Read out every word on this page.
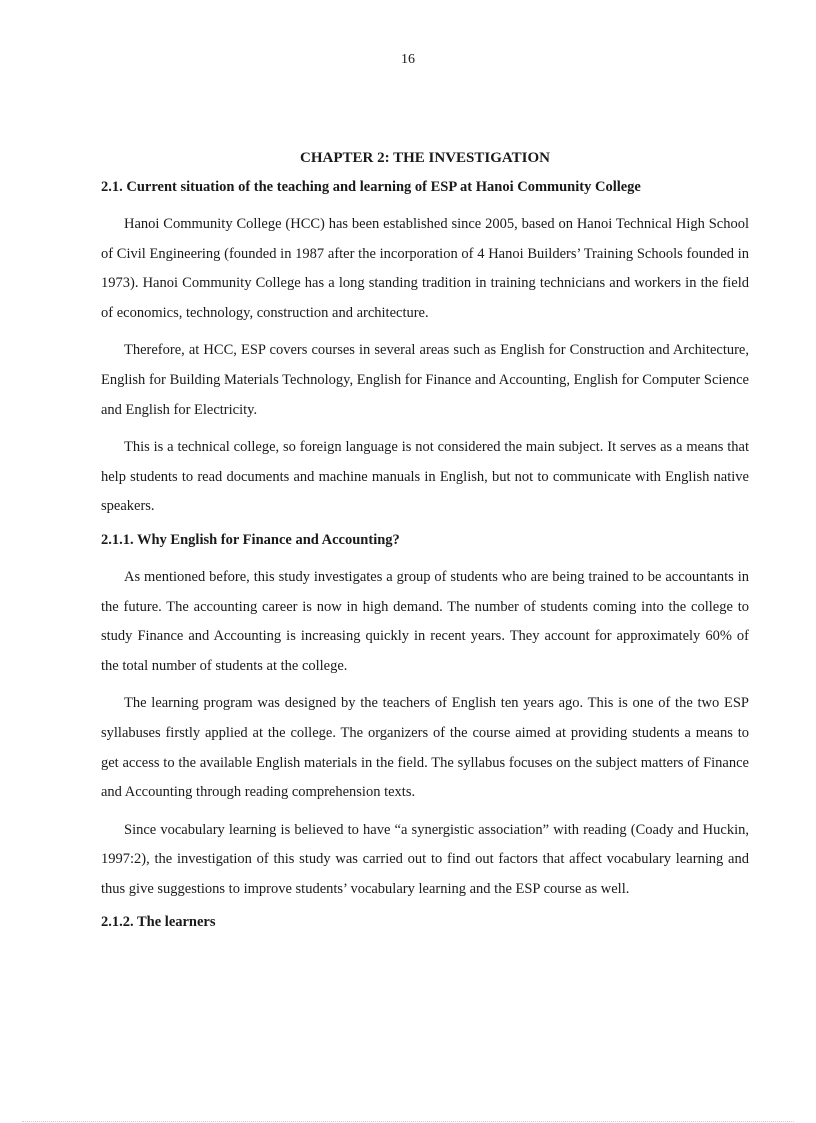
16
CHAPTER 2: THE INVESTIGATION
2.1. Current situation of the teaching and learning of ESP at Hanoi Community College

Hanoi Community College (HCC) has been established since 2005, based on Hanoi Technical High School of Civil Engineering (founded in 1987 after the incorporation of 4 Hanoi Builders’ Training Schools founded in 1973). Hanoi Community College has a long standing tradition in training technicians and workers in the field of economics, technology, construction and architecture.

Therefore, at HCC, ESP covers courses in several areas such as English for Construction and Architecture, English for Building Materials Technology, English for Finance and Accounting, English for Computer Science and English for Electricity.

This is a technical college, so foreign language is not considered the main subject. It serves as a means that help students to read documents and machine manuals in English, but not to communicate with English native speakers.

2.1.1. Why English for Finance and Accounting?

As mentioned before, this study investigates a group of students who are being trained to be accountants in the future. The accounting career is now in high demand. The number of students coming into the college to study Finance and Accounting is increasing quickly in recent years. They account for approximately 60% of the total number of students at the college.

The learning program was designed by the teachers of English ten years ago. This is one of the two ESP syllabuses firstly applied at the college. The organizers of the course aimed at providing students a means to get access to the available English materials in the field. The syllabus focuses on the subject matters of Finance and Accounting through reading comprehension texts.

Since vocabulary learning is believed to have “a synergistic association” with reading (Coady and Huckin, 1997:2), the investigation of this study was carried out to find out factors that affect vocabulary learning and thus give suggestions to improve students’ vocabulary learning and the ESP course as well.

2.1.2. The learners
